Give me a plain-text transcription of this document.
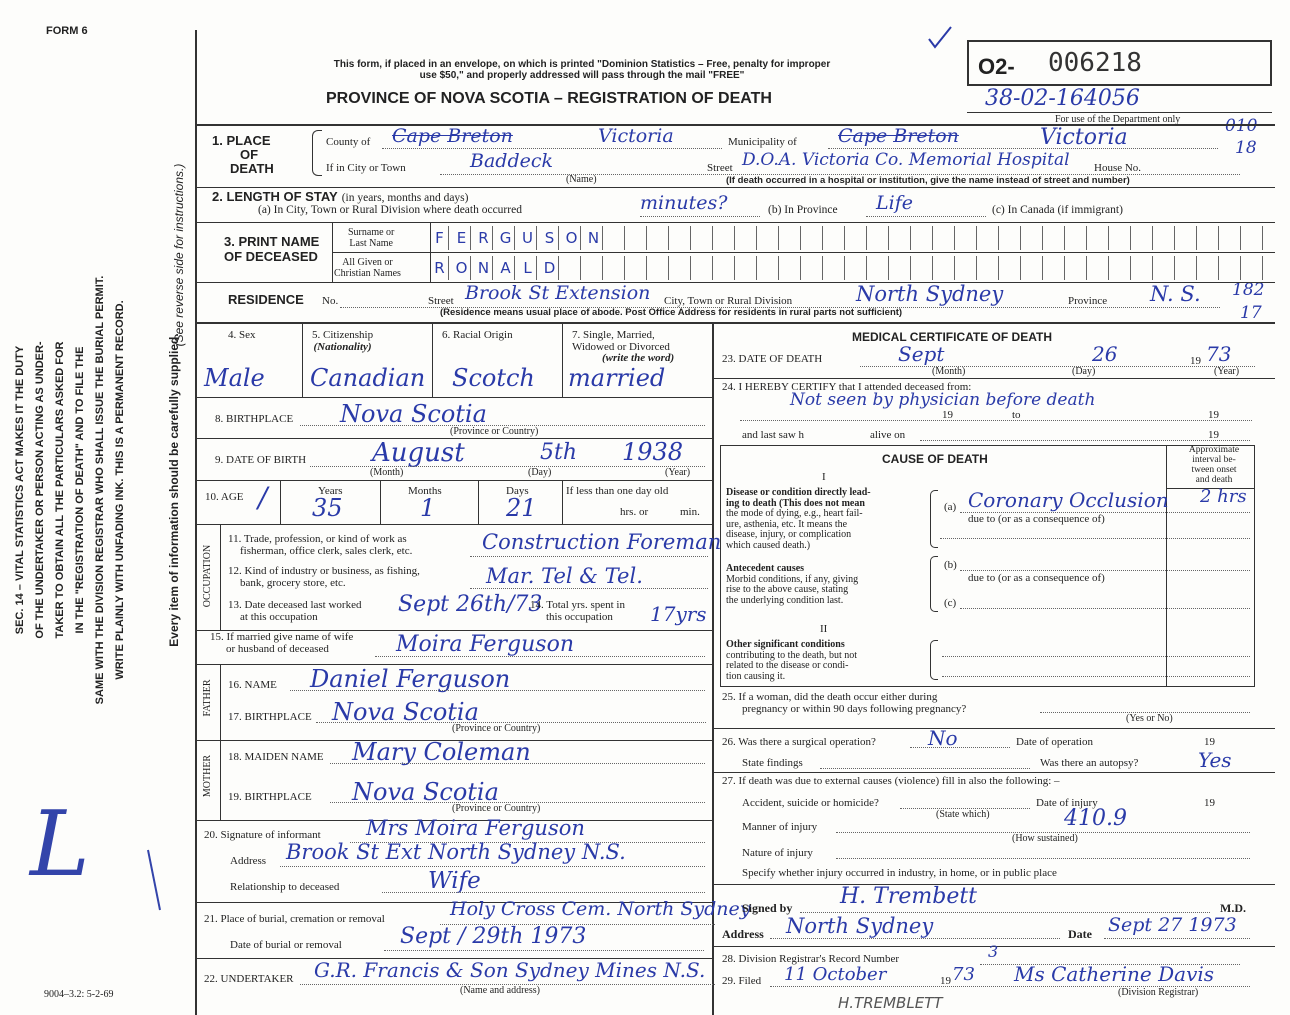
FORM 6
SEC. 14 – VITAL STATISTICS ACT MAKES IT THE DUTY OF THE UNDERTAKER OR PERSON ACTING AS UNDER- TAKER TO OBTAIN ALL THE PARTICULARS ASKED FOR IN THE "REGISTRATION OF DEATH" AND TO FILE THE SAME WITH THE DIVISION REGISTRAR WHO SHALL ISSUE THE BURIAL PERMIT. WRITE PLAINLY WITH UNFADING INK. THIS IS A PERMANENT RECORD.	Every item of information should be carefully supplied.
(See reverse side for instructions.)
9004–3.2: 5-2-69
L
This form, if placed in an envelope, on which is printed "Dominion Statistics – Free, penalty for improper
use $50," and properly addressed will pass through the mail "FREE"
PROVINCE OF NOVA SCOTIA – REGISTRATION OF DEATH
O2- 006218
38-02-164056
For use of the Department only	010
18
182
17
1. PLACE
OF
DEATH
County of Cape Breton	Victoria	Municipality of Cape Breton	Victoria
If in City or Town	Baddeck
(Name)
Street D.O.A. Victoria Co. Memorial Hospital House No.
(If death occurred in a hospital or institution, give the name instead of street and number)
2. LENGTH OF STAY (in years, months and days)
(a) In City, Town or Rural Division where death occurred	minutes?	(b) In Province Life	(c) In Canada (if immigrant)
3. PRINT NAME
OF DECEASED
Surname or
Last Name
All Given or
Christian Names
F E R G U S O N
R O N A L D
RESIDENCE No.	Street Brook St Extension City, Town or Rural Division	North Sydney	Province N. S.
(Residence means usual place of abode. Post Office Address for residents in rural parts not sufficient)
4. Sex
Male
5. Citizenship
(Nationality)
Canadian
6. Racial Origin
Scotch
7. Single, Married,
Widowed or Divorced
(write the word)
married
8. BIRTHPLACE Nova Scotia
(Province or Country)
9. DATE OF BIRTH	August	5th 1938
(Month)	(Day)	(Year)
10. AGE /	Years
35
Months
1
Days
21
If less than one day old
hrs. or	min.
OCCUPATION
11. Trade, profession, or kind of work as
fisherman, office clerk, sales clerk, etc.	Construction Foreman
12. Kind of industry or business, as fishing,
bank, grocery store, etc.	Mar. Tel & Tel.
13. Date deceased last worked
at this occupation	Sept 26th/73
14. Total yrs. spent in
this occupation	17yrs
15. If married give name of wife
or husband of deceased	Moira Ferguson
FATHER 16. NAME Daniel Ferguson
17. BIRTHPLACE Nova Scotia
(Province or Country)
MOTHER 18. MAIDEN NAME Mary Coleman
19. BIRTHPLACE Nova Scotia
(Province or Country)
20. Signature of informant Mrs Moira Ferguson
Address Brook St Ext North Sydney N.S.
Relationship to deceased	Wife
21. Place of burial, cremation or removal	Holy Cross Cem. North Sydney
Date of burial or removal	Sept / 29th 1973
22. UNDERTAKER G.R. Francis & Son Sydney Mines N.S.
(Name and address)
MEDICAL CERTIFICATE OF DEATH
23. DATE OF DEATH	Sept	26	19 73
(Month)	(Day)	(Year)
24. I HEREBY CERTIFY that I attended deceased from:
Not seen by physician before death
19	to	19
and last saw h	alive on	19
CAUSE OF DEATH
Approximate
interval be-
tween onset
and death
I
Disease or condition directly lead-
ing to death (This does not mean
the mode of dying, e.g., heart fail-
ure, asthenia, etc. It means the
disease, injury, or complication
which caused death.)
(a) Coronary Occlusion 2 hrs
due to (or as a consequence of)
Antecedent causes
Morbid conditions, if any, giving
rise to the above cause, stating
the underlying condition last.
(b)
due to (or as a consequence of)
(c)
II
Other significant conditions
contributing to the death, but not
related to the disease or condi-
tion causing it.
25. If a woman, did the death occur either during
pregnancy or within 90 days following pregnancy?
(Yes or No)
26. Was there a surgical operation?	No	Date of operation	19
State findings	Was there an autopsy?	Yes
27. If death was due to external causes (violence) fill in also the following: –
Accident, suicide or homicide?	Date of injury	19
(State which)
Manner of injury	410.9
(How sustained)
Nature of injury
Specify whether injury occurred in industry, in home, or in public place
Signed by H. Trembett	M.D.
Address North Sydney	Date Sept 27 1973
28. Division Registrar's Record Number	3
29. Filed 11 October	19 73 Ms Catherine Davis
(Division Registrar)
H.TREMBLETT
